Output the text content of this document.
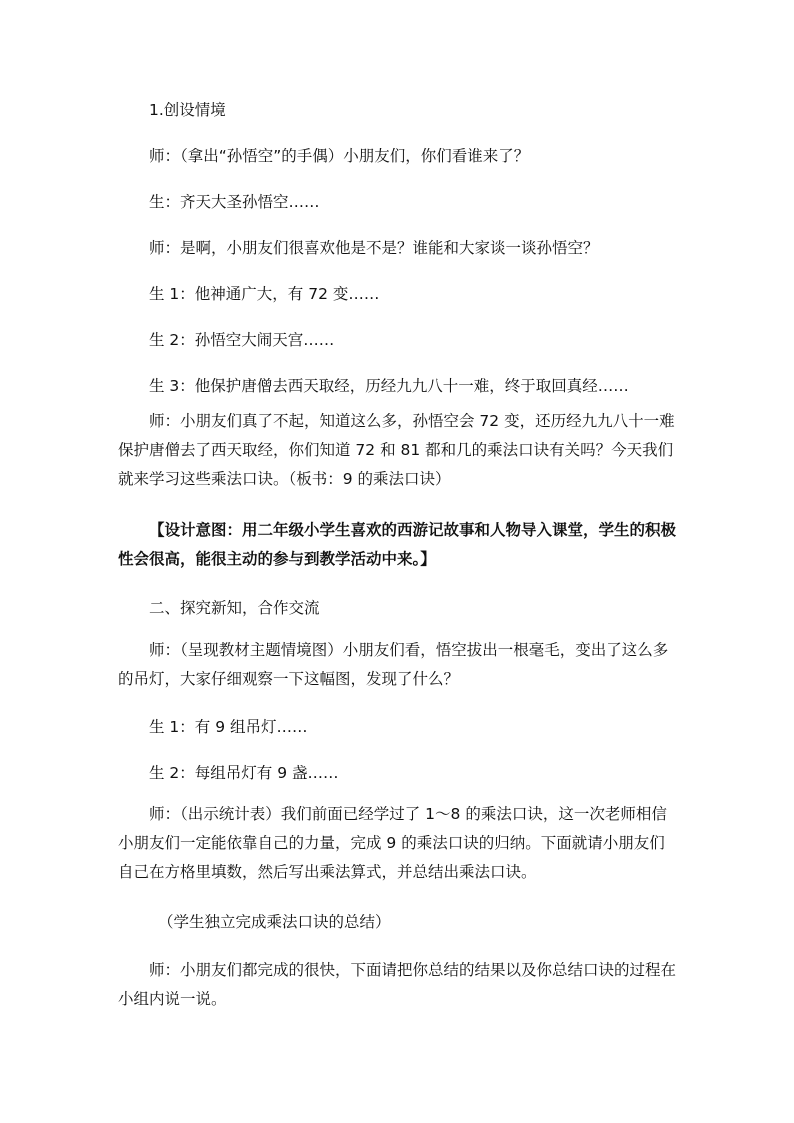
1.创设情境

师：（拿出“孙悟空”的手偶）小朋友们，你们看谁来了？

生：齐天大圣孙悟空……

师：是啊，小朋友们很喜欢他是不是？谁能和大家谈一谈孙悟空？

生 1：他神通广大，有 72 变……

生 2：孙悟空大闹天宫……

生 3：他保护唐僧去西天取经，历经九九八十一难，终于取回真经……

师：小朋友们真了不起，知道这么多，孙悟空会 72 变，还历经九九八十一难保护唐僧去了西天取经，你们知道 72 和 81 都和几的乘法口诀有关吗？今天我们就来学习这些乘法口诀。（板书：9 的乘法口诀）

【设计意图：用二年级小学生喜欢的西游记故事和人物导入课堂，学生的积极性会很高，能很主动的参与到教学活动中来。】

二、探究新知，合作交流

师：（呈现教材主题情境图）小朋友们看，悟空拔出一根毫毛，变出了这么多的吊灯，大家仔细观察一下这幅图，发现了什么？

生 1：有 9 组吊灯……

生 2：每组吊灯有 9 盏……

师：（出示统计表）我们前面已经学过了 1～8 的乘法口诀，这一次老师相信小朋友们一定能依靠自己的力量，完成 9 的乘法口诀的归纳。下面就请小朋友们自己在方格里填数，然后写出乘法算式，并总结出乘法口诀。

（学生独立完成乘法口诀的总结）

师：小朋友们都完成的很快，下面请把你总结的结果以及你总结口诀的过程在小组内说一说。
